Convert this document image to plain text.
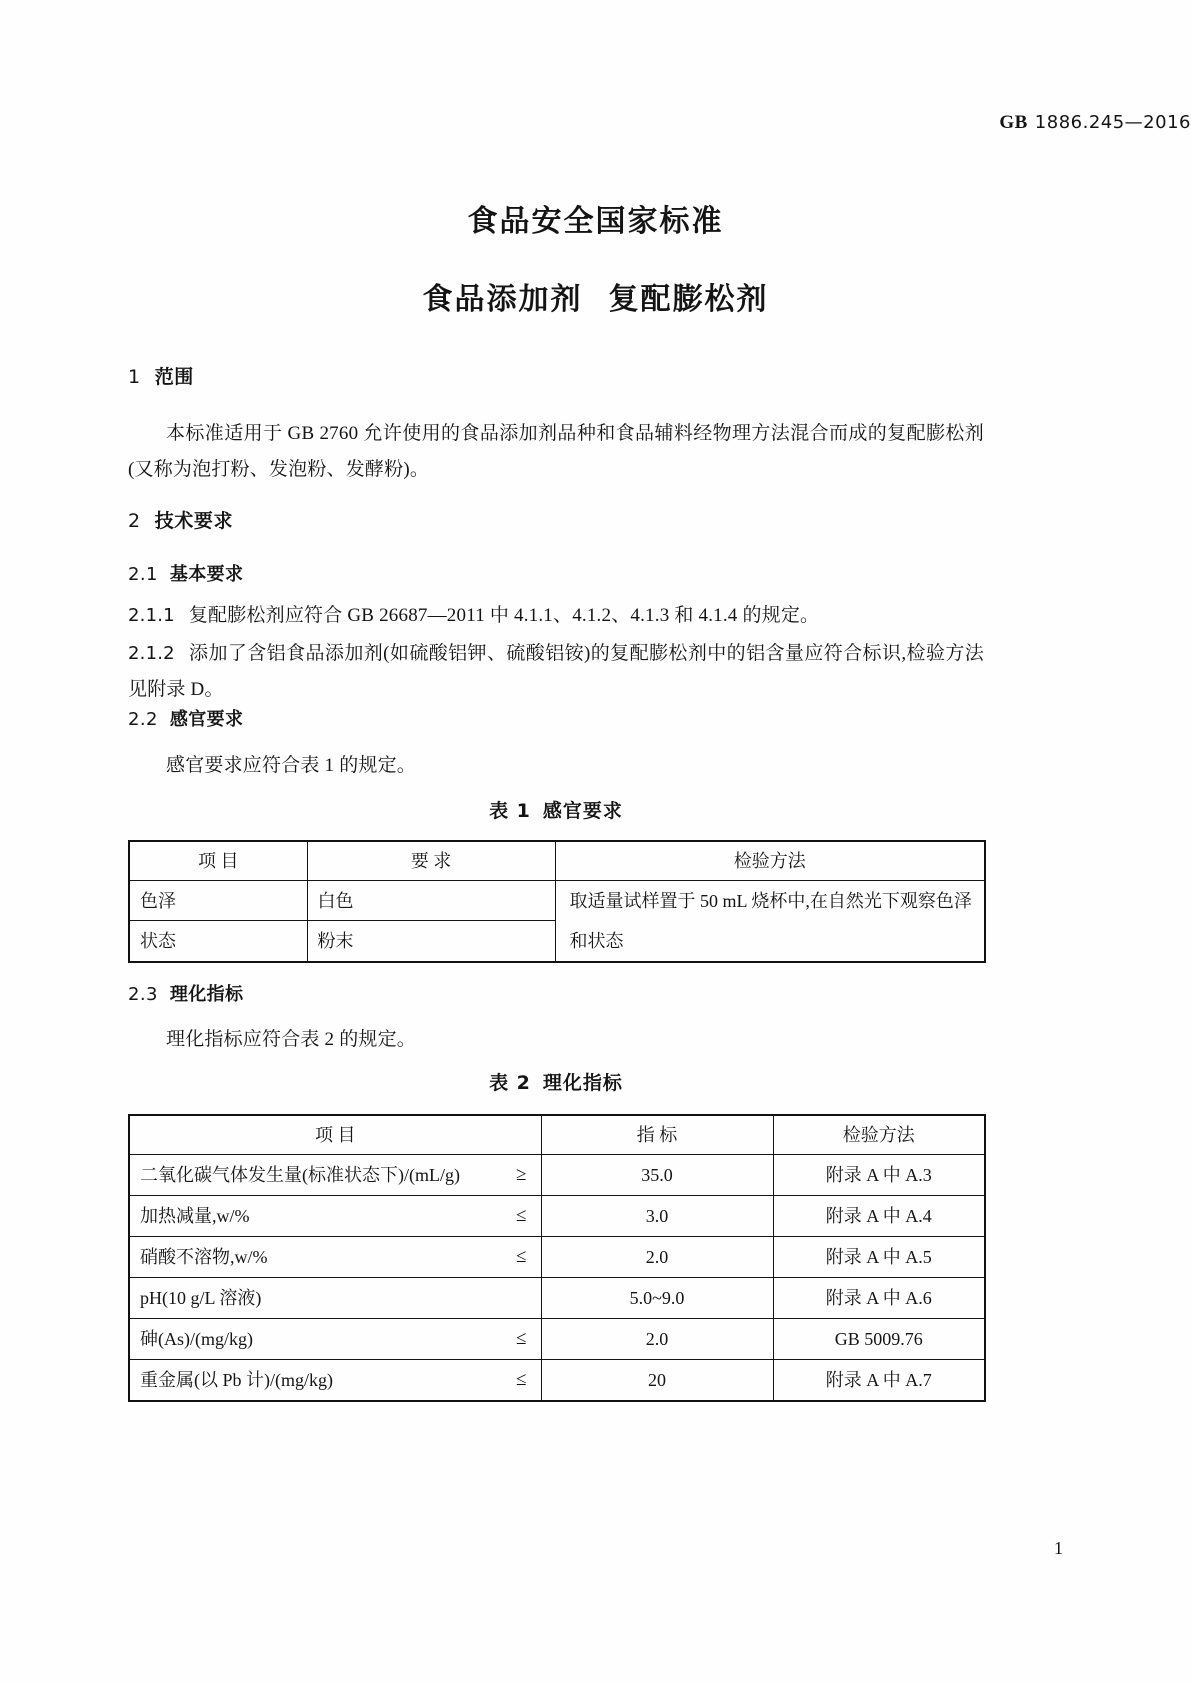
GB 1886.245—2016
食品安全国家标准
食品添加剂 复配膨松剂
1 范围

本标准适用于 GB 2760 允许使用的食品添加剂品种和食品辅料经物理方法混合而成的复配膨松剂(又称为泡打粉、发泡粉、发酵粉)。

2 技术要求
2.1 基本要求

2.1.1 复配膨松剂应符合 GB 26687—2011 中 4.1.1、4.1.2、4.1.3 和 4.1.4 的规定。

2.1.2 添加了含铝食品添加剂(如硫酸铝钾、硫酸铝铵)的复配膨松剂中的铝含量应符合标识,检验方法见附录 D。

2.2 感官要求

感官要求应符合表 1 的规定。

表 1 感官要求
项 目	要 求	检验方法
色泽	白色	取适量试样置于 50 mL 烧杯中,在自然光下观察色泽和状态
状态	粉末	
2.3 理化指标

理化指标应符合表 2 的规定。

表 2 理化指标
项 目	指 标	检验方法
二氧化碳气体发生量(标准状态下)/(mL/g) ≥	35.0	附录 A 中 A.3
加热减量,w/% ≤	3.0	附录 A 中 A.4
硝酸不溶物,w/% ≤	2.0	附录 A 中 A.5
pH(10 g/L 溶液)	5.0~9.0	附录 A 中 A.6
砷(As)/(mg/kg) ≤	2.0	GB 5009.76
重金属(以 Pb 计)/(mg/kg) ≤	20	附录 A 中 A.7
1
